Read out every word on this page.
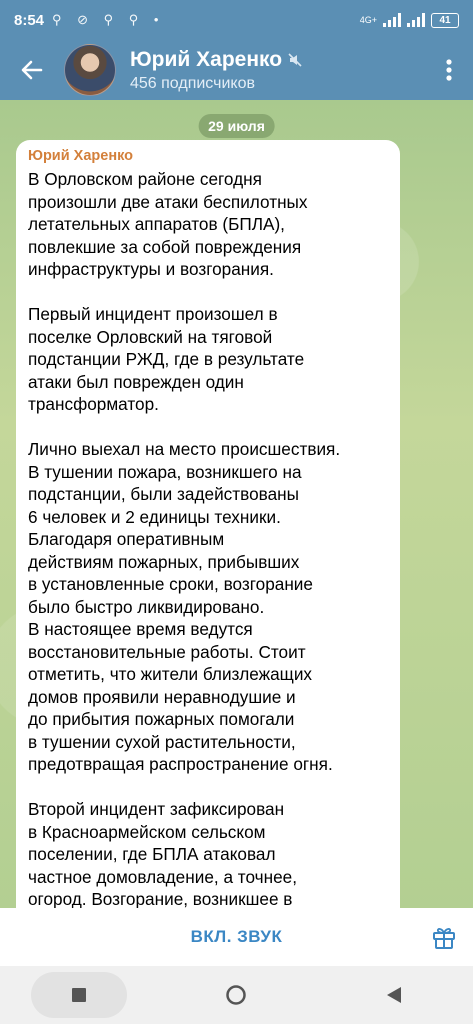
8:54 ⚲ ⊘ ⚲ ⚲ •	4G+	41
Юрий Харенко
456 подписчиков
29 июля
Юрий Харенко

В Орловском районе сегодня
произошли две атаки беспилотных
летательных аппаратов (БПЛА),
повлекшие за собой повреждения
инфраструктуры и возгорания.

Первый инцидент произошел в
поселке Орловский на тяговой
подстанции РЖД, где в результате
атаки был поврежден один
трансформатор.

Лично выехал на место происшествия.
В тушении пожара, возникшего на
подстанции, были задействованы
6 человек и 2 единицы техники.
Благодаря оперативным
действиям пожарных, прибывших
в установленные сроки, возгорание
было быстро ликвидировано.
В настоящее время ведутся
восстановительные работы. Стоит
отметить, что жители близлежащих
домов проявили неравнодушие и
до прибытия пожарных помогали
в тушении сухой растительности,
предотвращая распространение огня.

Второй инцидент зафиксирован
в Красноармейском сельском
поселении, где БПЛА атаковал
частное домовладение, а точнее,
огород. Возгорание, возникшее в

ВКЛ. ЗВУК
